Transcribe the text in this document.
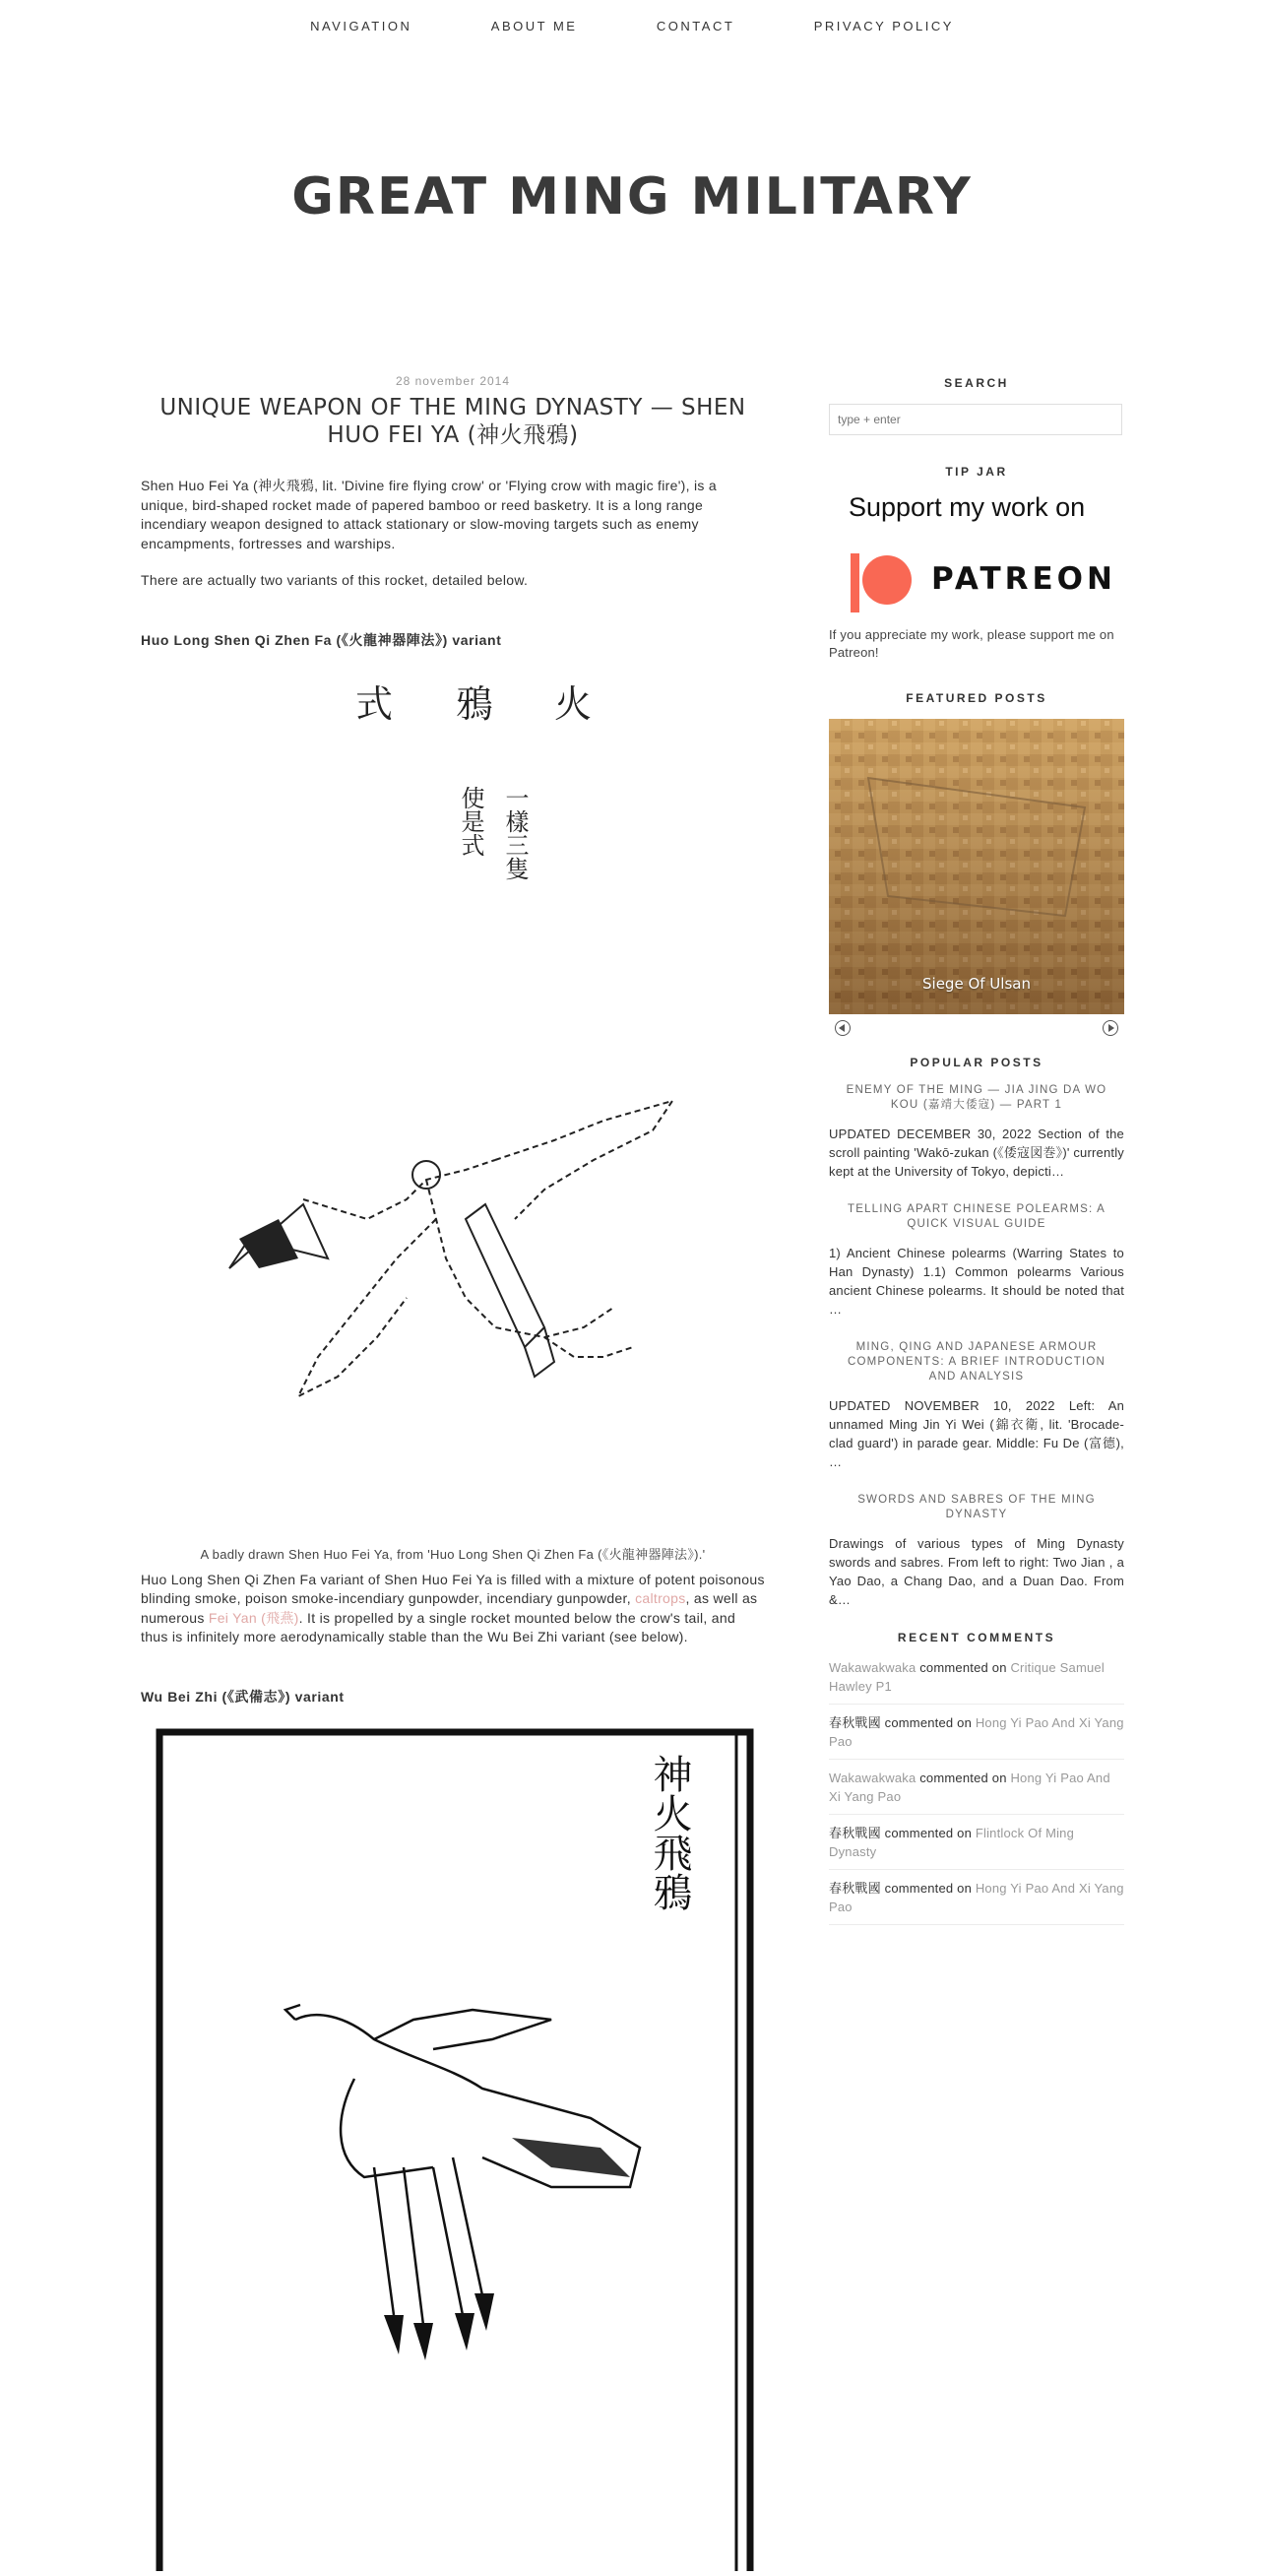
NAVIGATION	ABOUT ME	CONTACT	PRIVACY POLICY
GREAT MING MILITARY
28 november 2014
UNIQUE WEAPON OF THE MING DYNASTY — SHEN HUO FEI YA (神火飛鴉)

Shen Huo Fei Ya (神火飛鴉, lit. 'Divine fire flying crow' or 'Flying crow with magic fire'), is a unique, bird-shaped rocket made of papered bamboo or reed basketry. It is a long range incendiary weapon designed to attack stationary or slow-moving targets such as enemy encampments, fortresses and warships.

There are actually two variants of this rocket, detailed below.

Huo Long Shen Qi Zhen Fa (《火龍神器陣法》) variant
火
鴉
式
一樣三隻
使是式
A badly drawn Shen Huo Fei Ya, from 'Huo Long Shen Qi Zhen Fa (《火龍神器陣法》).'

Huo Long Shen Qi Zhen Fa variant of Shen Huo Fei Ya is filled with a mixture of potent poisonous blinding smoke, poison smoke-incendiary gunpowder, incendiary gunpowder, caltrops, as well as numerous Fei Yan (飛燕). It is propelled by a single rocket mounted below the crow's tail, and thus is infinitely more aerodynamically stable than the Wu Bei Zhi variant (see below).

Wu Bei Zhi (《武備志》) variant
神火飛鴉
SEARCH
type + enter
TIP JAR
Support my work on
PATREON
If you appreciate my work, please support me on Patreon!
FEATURED POSTS
Siege Of Ulsan
POPULAR POSTS
ENEMY OF THE MING — JIA JING DA WO KOU (嘉靖大倭寇) — PART 1
UPDATED DECEMBER 30, 2022 Section of the scroll painting 'Wakō-zukan (《倭寇図巻》)' currently kept at the University of Tokyo, depicti…
TELLING APART CHINESE POLEARMS: A QUICK VISUAL GUIDE
1) Ancient Chinese polearms (Warring States to Han Dynasty) 1.1) Common polearms Various ancient Chinese polearms. It should be noted that …
MING, QING AND JAPANESE ARMOUR COMPONENTS: A BRIEF INTRODUCTION AND ANALYSIS
UPDATED NOVEMBER 10, 2022 Left: An unnamed Ming Jin Yi Wei (錦衣衛, lit. 'Brocade-clad guard') in parade gear. Middle: Fu De (富德), …
SWORDS AND SABRES OF THE MING DYNASTY
Drawings of various types of Ming Dynasty swords and sabres. From left to right: Two Jian , a Yao Dao, a Chang Dao, and a Duan Dao. From &…
RECENT COMMENTS
Wakawakwaka commented on Critique Samuel Hawley P1
春秋戰國 commented on Hong Yi Pao And Xi Yang Pao
Wakawakwaka commented on Hong Yi Pao And Xi Yang Pao
春秋戰國 commented on Flintlock Of Ming Dynasty
春秋戰國 commented on Hong Yi Pao And Xi Yang Pao
